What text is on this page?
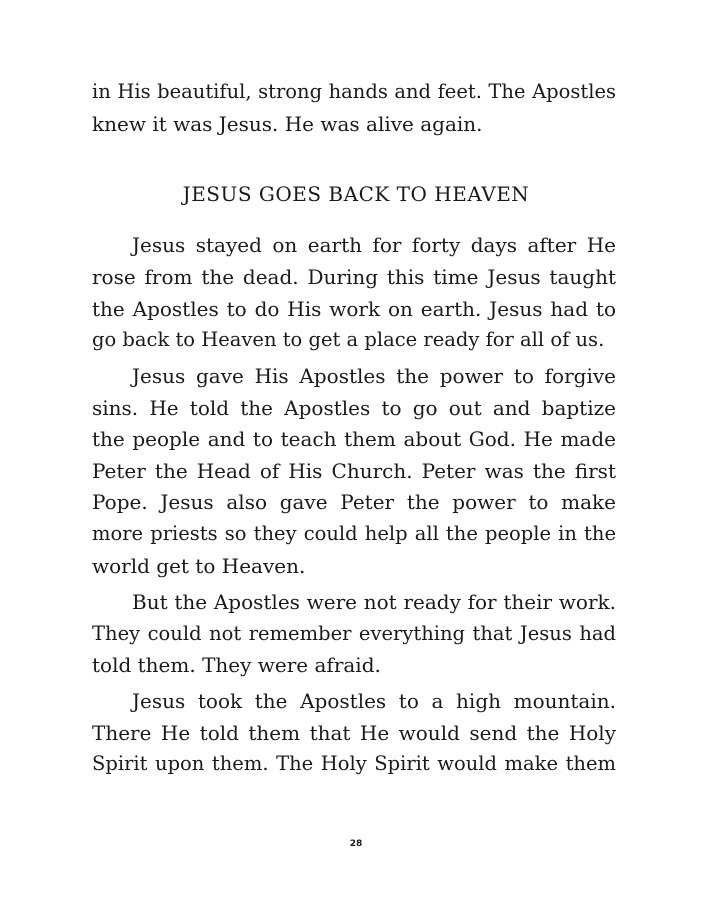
in His beautiful, strong hands and feet. The Apostles
knew it was Jesus. He was alive again.
JESUS GOES BACK TO HEAVEN
Jesus stayed on earth for forty days after He
rose from the dead. During this time Jesus taught
the Apostles to do His work on earth. Jesus had to
go back to Heaven to get a place ready for all of us.
Jesus gave His Apostles the power to forgive
sins. He told the Apostles to go out and baptize
the people and to teach them about God. He made
Peter the Head of His Church. Peter was the first
Pope. Jesus also gave Peter the power to make
more priests so they could help all the people in the
world get to Heaven.
But the Apostles were not ready for their work.
They could not remember everything that Jesus had
told them. They were afraid.
Jesus took the Apostles to a high mountain.
There He told them that He would send the Holy
Spirit upon them. The Holy Spirit would make them
28
